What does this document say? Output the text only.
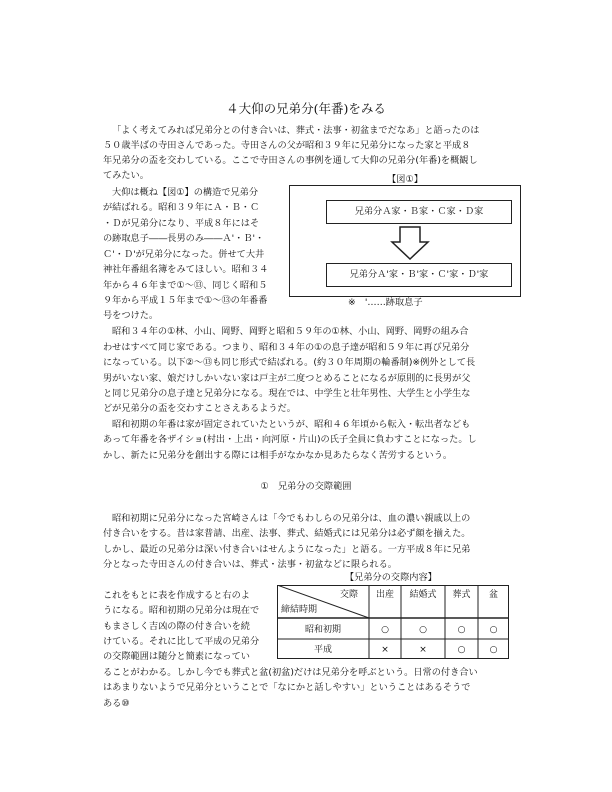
４大仰の兄弟分(年番)をみる
「よく考えてみれば兄弟分との付き合いは、葬式・法事・初盆までだなあ」と語ったのは
５０歳半ばの寺田さんであった。寺田さんの父が昭和３９年に兄弟分になった家と平成８
年兄弟分の盃を交わしている。ここで寺田さんの事例を通して大仰の兄弟分(年番)を概観し
てみたい。
大仰は概ね【図①】の構造で兄弟分
が結ばれる。昭和３９年にＡ・Ｂ・Ｃ
・Ｄが兄弟分になり、平成８年にはそ
の跡取息子――長男のみ――Ａ'・Ｂ'・
Ｃ'・Ｄ'が兄弟分になった。併せて大井
神社年番組名簿をみてほしい。昭和３４
年から４６年まで①〜⑬、同じく昭和５
９年から平成１５年まで①〜⑬の年番番
号をつけた。
【図①】
兄弟分Ａ家・Ｂ家・Ｃ家・Ｄ家
兄弟分Ａ'家・Ｂ'家・Ｃ'家・Ｄ'家
※　'……跡取息子
昭和３４年の①林、小山、岡野、岡野と昭和５９年の①林、小山、岡野、岡野の組み合
わせはすべて同じ家である。つまり、昭和３４年の①の息子達が昭和５９年に再び兄弟分
になっている。以下②〜⑬も同じ形式で結ばれる。(約３０年周期の輪番制)※例外として長
男がいない家、娘だけしかいない家は戸主が二度つとめることになるが原則的に長男が父
と同じ兄弟分の息子達と兄弟分になる。現在では、中学生と壮年男性、大学生と小学生な
どが兄弟分の盃を交わすことさえあるようだ。
昭和初期の年番は家が固定されていたというが、昭和４６年頃から転入・転出者なども
あって年番を各ザイショ(村出・上出・向河原・片山)の氏子全員に負わすことになった。し
かし、新たに兄弟分を創出する際には相手がなかなか見あたらなく苦労するという。
①　兄弟分の交際範囲
昭和初期に兄弟分になった宮崎さんは「今でもわしらの兄弟分は、血の濃い親戚以上の
付き合いをする。昔は家普請、出産、法事、葬式、結婚式には兄弟分は必ず顔を揃えた。
しかし、最近の兄弟分は深い付き合いはせんようになった」と語る。一方平成８年に兄弟
分となった寺田さんの付き合いは、葬式・法事・初盆などに限られる。
【兄弟分の交際内容】
これをもとに表を作成すると右のよ
うになる。昭和初期の兄弟分は現在で
もまさしく吉凶の際の付き合いを続
けている。それに比して平成の兄弟分
の交際範囲は随分と簡素になってい
交際
締結時期
出産	結婚式	葬式	盆
昭和初期	○	○	○	○
平成	×	×	○	○
ることがわかる。しかし今でも葬式と盆(初盆)だけは兄弟分を呼ぶという。日常の付き合い
はあまりないようで兄弟分ということで「なにかと話しやすい」ということはあるそうで
ある⑩
